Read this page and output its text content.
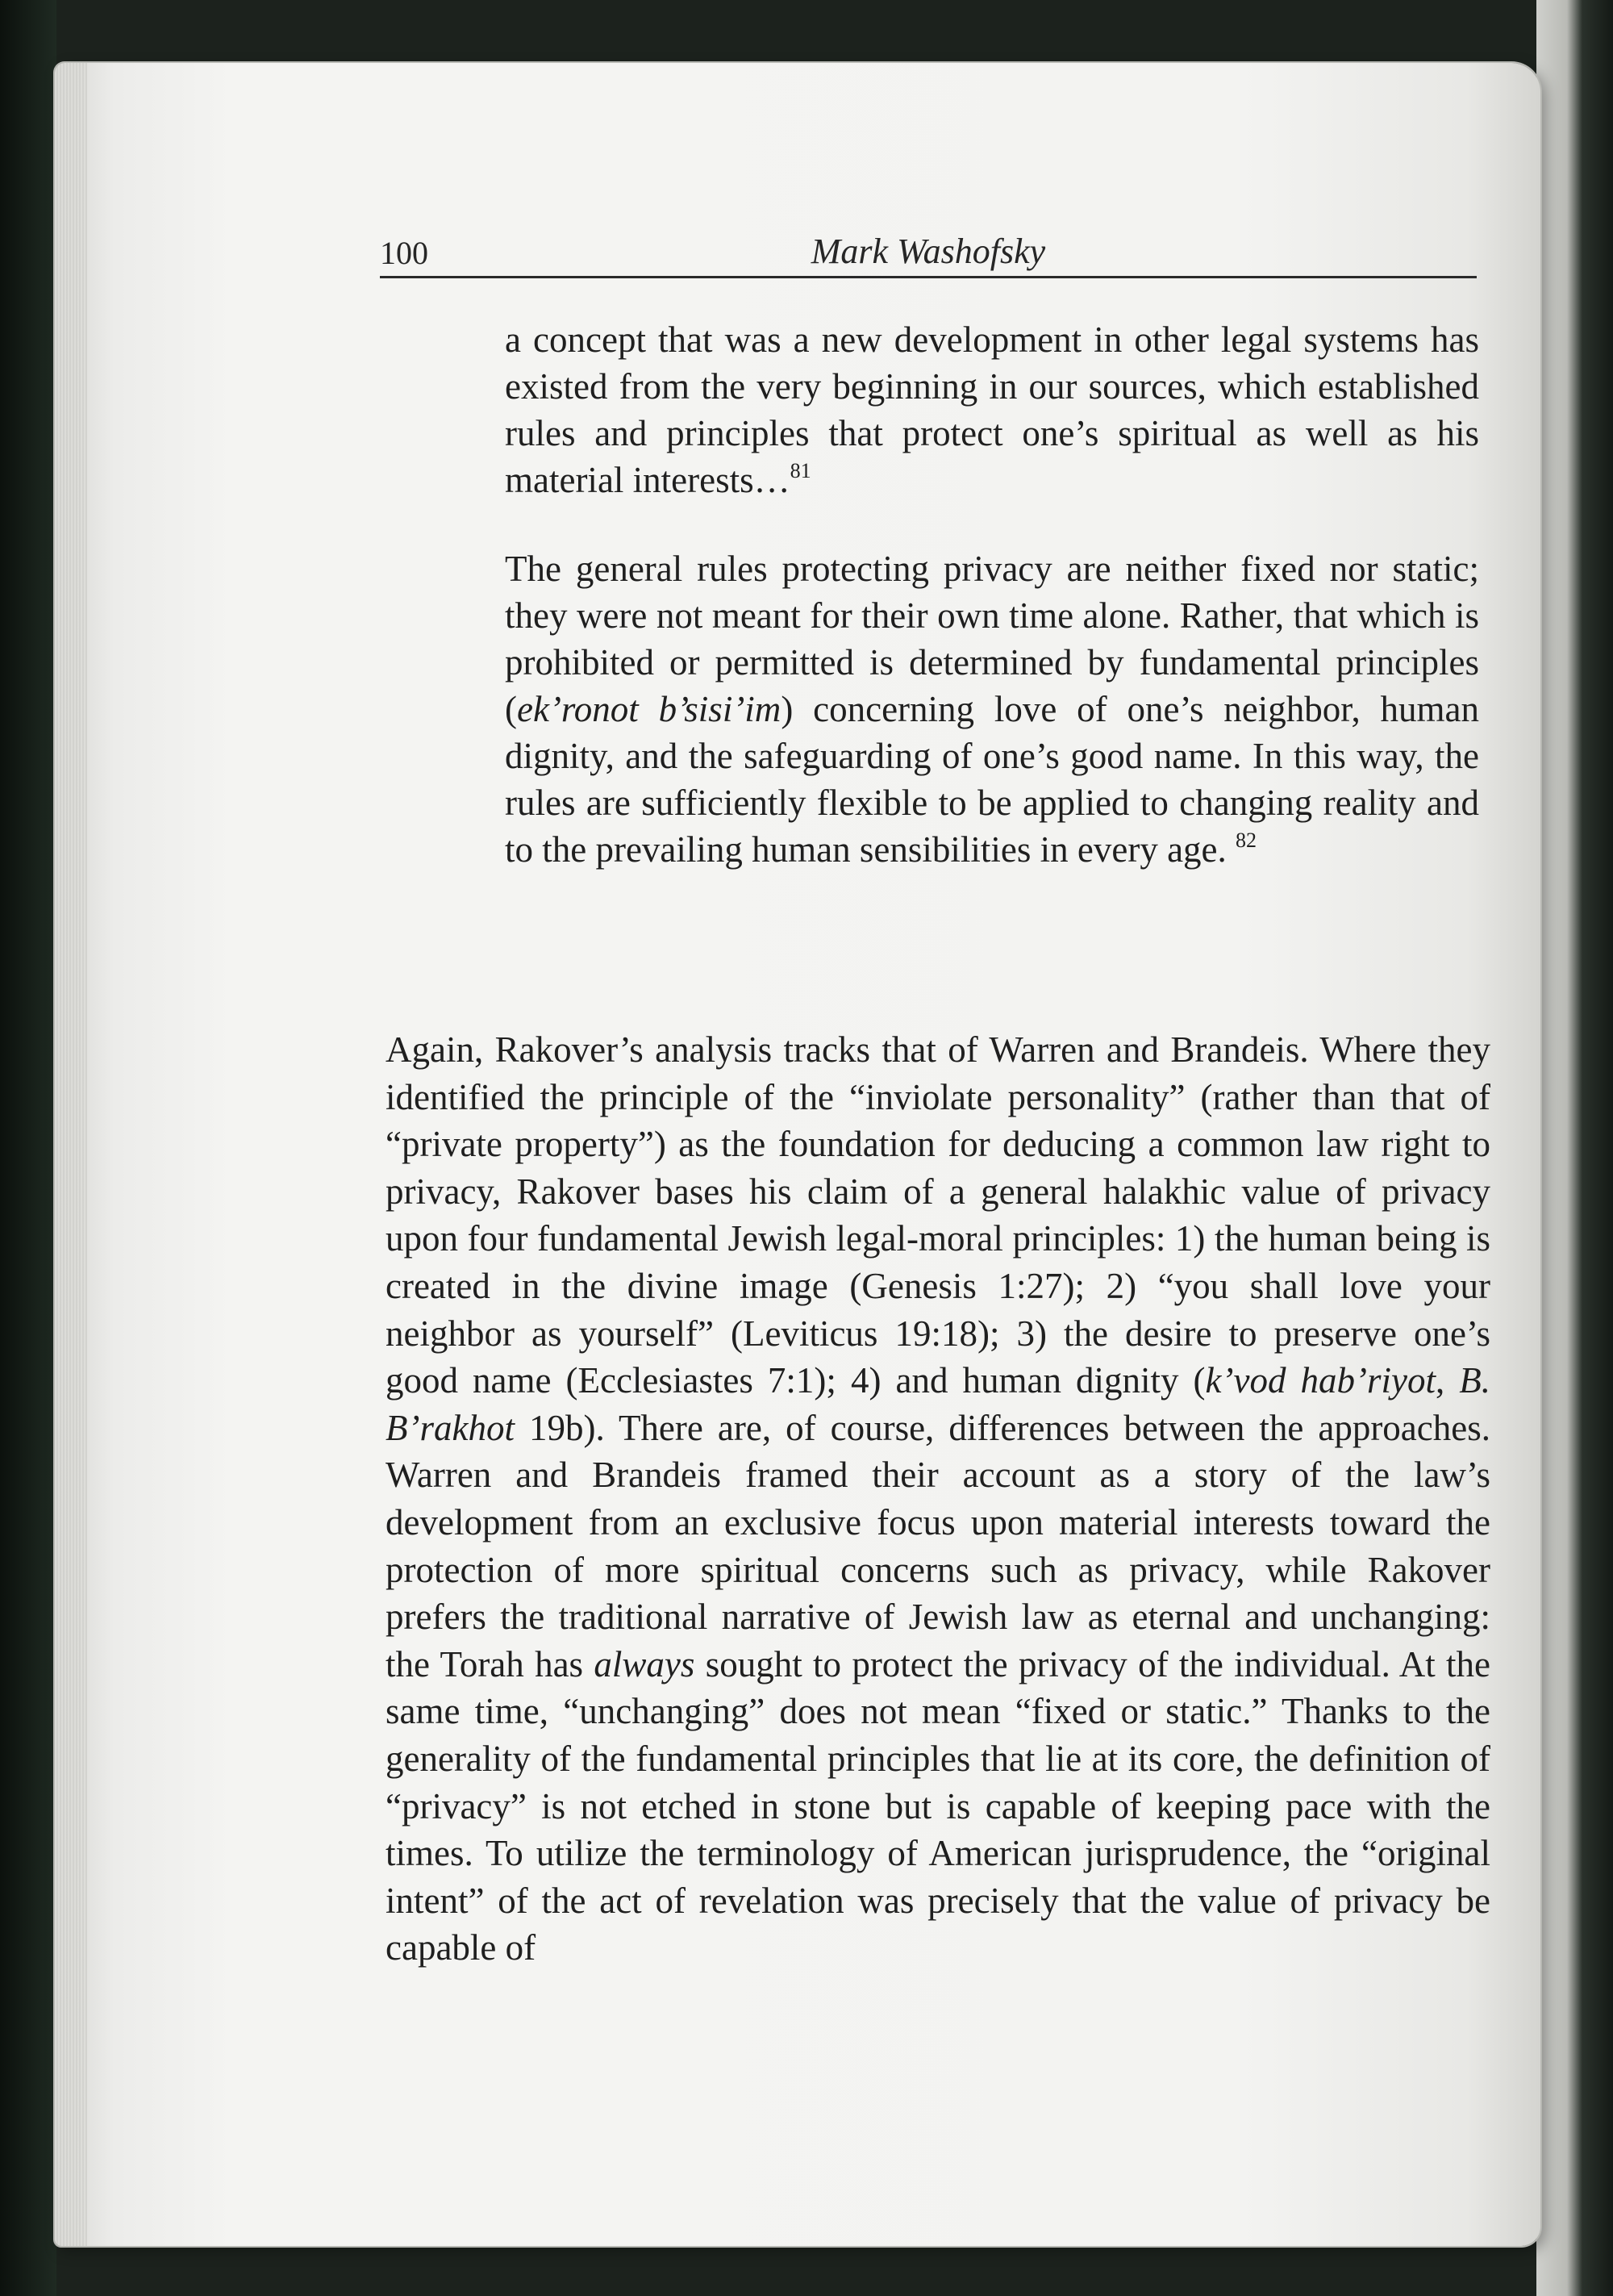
100	Mark Washofsky

a concept that was a new development in other legal systems has existed from the very beginning in our sources, which established rules and principles that protect one’s spiritual as well as his material interests…$^{81}$

The general rules protecting privacy are neither fixed nor static; they were not meant for their own time alone. Rather, that which is prohibited or permitted is determined by fundamental principles (ek’ronot b’sisi’im) concerning love of one’s neighbor, human dignity, and the safeguarding of one’s good name. In this way, the rules are sufficiently flexible to be applied to changing reality and to the prevailing human sensibilities in every age. $^{82}$

Again, Rakover’s analysis tracks that of Warren and Brandeis. Where they identified the principle of the “inviolate personality” (rather than that of “private property”) as the foundation for deducing a common law right to privacy, Rakover bases his claim of a general halakhic value of privacy upon four fundamental Jewish legal-moral principles: 1) the human being is created in the divine image (Genesis 1:27); 2) “you shall love your neighbor as yourself” (Leviticus 19:18); 3) the desire to preserve one’s good name (Ecclesiastes 7:1); 4) and human dignity (k’vod hab’riyot, B. B’rakhot 19b). There are, of course, differences between the approaches. Warren and Brandeis framed their account as a story of the law’s development from an exclusive focus upon material interests toward the protection of more spiritual concerns such as privacy, while Rakover prefers the traditional narrative of Jewish law as eternal and unchanging: the Torah has always sought to protect the privacy of the individual. At the same time, “unchanging” does not mean “fixed or static.” Thanks to the generality of the fundamental principles that lie at its core, the definition of “privacy” is not etched in stone but is capable of keeping pace with the times. To utilize the terminology of American jurisprudence, the “original intent” of the act of revelation was precisely that the value of privacy be capable of
